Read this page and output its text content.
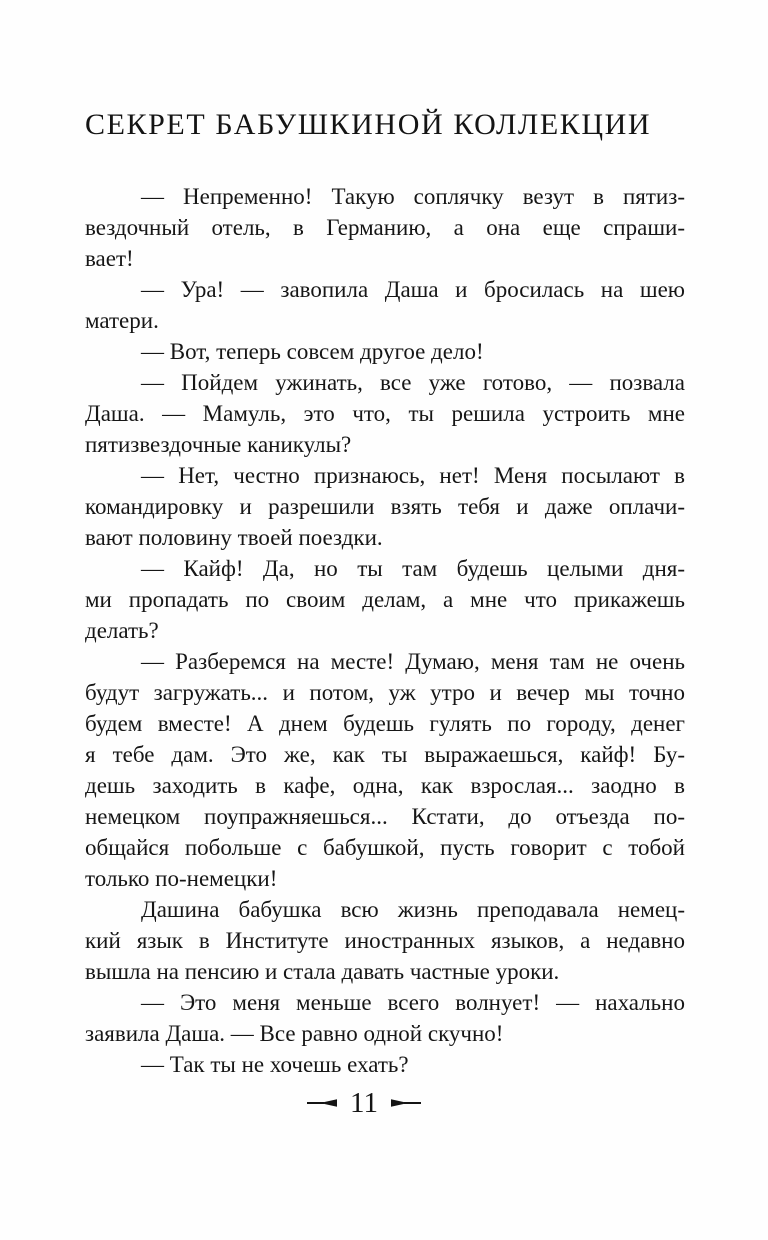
СЕКРЕТ БАБУШКИНОЙ КОЛЛЕКЦИИ
— Непременно! Такую соплячку везут в пятиз-
вездочный отель, в Германию, а она еще спраши-
вает!
— Ура! — завопила Даша и бросилась на шею
матери.
— Вот, теперь совсем другое дело!
— Пойдем ужинать, все уже готово, — позвала
Даша. — Мамуль, это что, ты решила устроить мне
пятизвездочные каникулы?
— Нет, честно признаюсь, нет! Меня посылают в
командировку и разрешили взять тебя и даже оплачи-
вают половину твоей поездки.
— Кайф! Да, но ты там будешь целыми дня-
ми пропадать по своим делам, а мне что прикажешь
делать?
— Разберемся на месте! Думаю, меня там не очень
будут загружать... и потом, уж утро и вечер мы точно
будем вместе! А днем будешь гулять по городу, денег
я тебе дам. Это же, как ты выражаешься, кайф! Бу-
дешь заходить в кафе, одна, как взрослая... заодно в
немецком поупражняешься... Кстати, до отъезда по-
общайся побольше с бабушкой, пусть говорит с тобой
только по-немецки!
Дашина бабушка всю жизнь преподавала немец-
кий язык в Институте иностранных языков, а недавно
вышла на пенсию и стала давать частные уроки.
— Это меня меньше всего волнует! — нахально
заявила Даша. — Все равно одной скучно!
— Так ты не хочешь ехать?
11
